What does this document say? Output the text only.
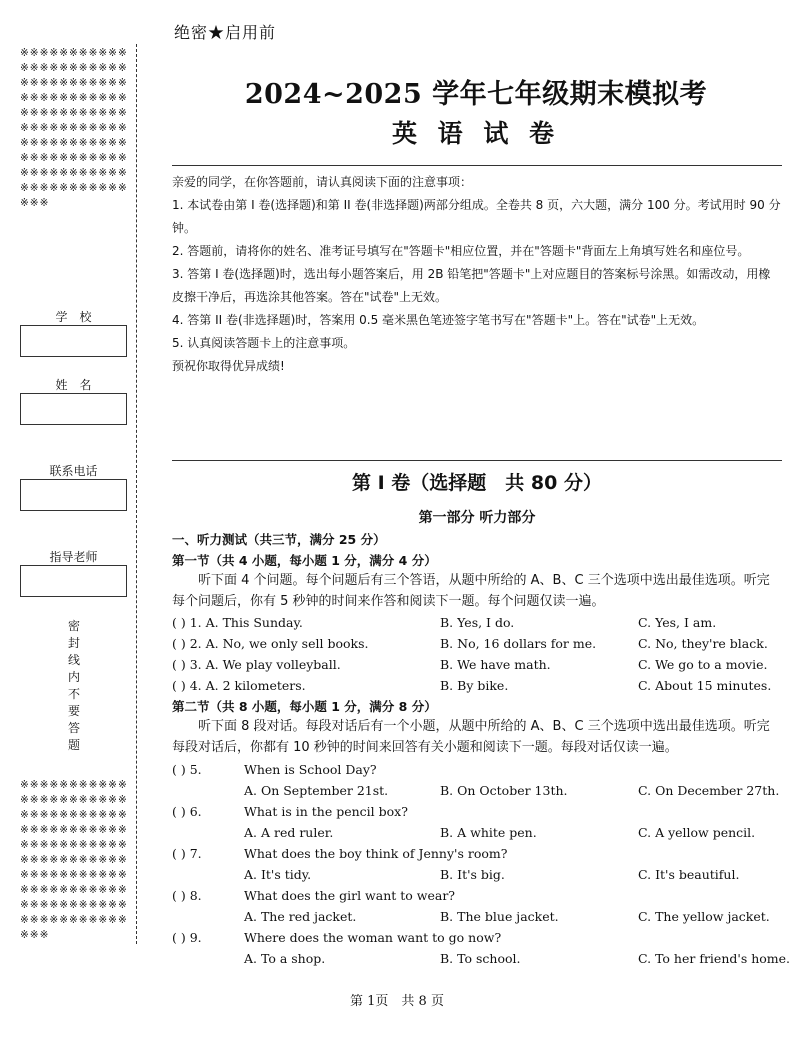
绝密★启用前
※※※※※※※※※※※※※※※※※※※※※※※※※※※※※※※※※※※※※※※※※※※※※※※※※※※※※※※※※※※※※※※※※※※※※※※※※※※※※※※※※※※※※※※※※※※※※※※※※※※※※※※※※※※※※※※※※
学　校
姓　名
联系电话
指导老师
密封线内不要答题
※※※※※※※※※※※※※※※※※※※※※※※※※※※※※※※※※※※※※※※※※※※※※※※※※※※※※※※※※※※※※※※※※※※※※※※※※※※※※※※※※※※※※※※※※※※※※※※※※※※※※※※※※※※※※※※※※
2024~2025 学年七年级期末模拟考
英 语 试 卷

亲爱的同学，在你答题前，请认真阅读下面的注意事项：

1. 本试卷由第 I 卷(选择题)和第 II 卷(非选择题)两部分组成。全卷共 8 页，六大题，满分 100 分。考试用时 90 分钟。

2. 答题前，请将你的姓名、准考证号填写在"答题卡"相应位置，并在"答题卡"背面左上角填写姓名和座位号。

3. 答第 I 卷(选择题)时，选出每小题答案后，用 2B 铅笔把"答题卡"上对应题目的答案标号涂黑。如需改动，用橡皮擦干净后，再选涂其他答案。答在"试卷"上无效。

4. 答第 II 卷(非选择题)时，答案用 0.5 毫米黑色笔迹签字笔书写在"答题卡"上。答在"试卷"上无效。

5. 认真阅读答题卡上的注意事项。

预祝你取得优异成绩!

第 I 卷（选择题　共 80 分）
第一部分 听力部分
一、听力测试（共三节，满分 25 分）
第一节（共 4 小题，每小题 1 分，满分 4 分）
听下面 4 个问题。每个问题后有三个答语，从题中所给的 A、B、C 三个选项中选出最佳选项。听完每个问题后，你有 5 秒钟的时间来作答和阅读下一题。每个问题仅读一遍。
( ) 1. A. This Sunday.	B. Yes, I do.	C. Yes, I am.
( ) 2. A. No, we only sell books.	B. No, 16 dollars for me.	C. No, they're black.
( ) 3. A. We play volleyball.	B. We have math.	C. We go to a movie.
( ) 4. A. 2 kilometers.	B. By bike.	C. About 15 minutes.
第二节（共 8 小题，每小题 1 分，满分 8 分）
听下面 8 段对话。每段对话后有一个小题，从题中所给的 A、B、C 三个选项中选出最佳选项。听完每段对话后，你都有 10 秒钟的时间来回答有关小题和阅读下一题。每段对话仅读一遍。
( ) 5.	When is School Day?
A. On September 21st.	B. On October 13th.	C. On December 27th.
( ) 6.	What is in the pencil box?
A. A red ruler.	B. A white pen.	C. A yellow pencil.
( ) 7.	What does the boy think of Jenny's room?
A. It's tidy.	B. It's big.	C. It's beautiful.
( ) 8.	What does the girl want to wear?
A. The red jacket.	B. The blue jacket.	C. The yellow jacket.
( ) 9.	Where does the woman want to go now?
A. To a shop.	B. To school.	C. To her friend's home.
第 1页　共 8 页
